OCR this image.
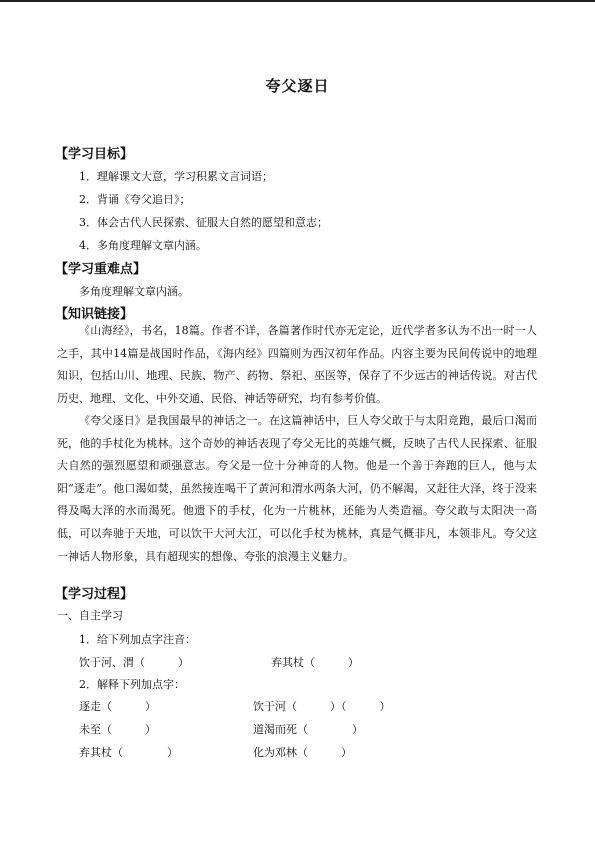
夸父逐日
【学习目标】
1．理解课文大意，学习积累文言词语；
2．背诵《夸父追日》；
3．体会古代人民探索、征服大自然的愿望和意志；
4．多角度理解文章内涵。
【学习重难点】
多角度理解文章内涵。
【知识链接】

《山海经》，书名，18篇。作者不详，各篇著作时代亦无定论，近代学者多认为不出一时一人之手，其中14篇是战国时作品，《海内经》四篇则为西汉初年作品。内容主要为民间传说中的地理知识，包括山川、地理、民族、物产、药物、祭祀、巫医等，保存了不少远古的神话传说。对古代历史、地理、文化、中外交通、民俗、神话等研究，均有参考价值。

《夸父逐日》是我国最早的神话之一。在这篇神话中，巨人夸父敢于与太阳竞跑，最后口渴而死，他的手杖化为桃林。这个奇妙的神话表现了夸父无比的英雄气概，反映了古代人民探索、征服大自然的强烈愿望和顽强意志。夸父是一位十分神奇的人物。他是一个善于奔跑的巨人，他与太阳“逐走”。他口渴如焚，虽然接连喝干了黄河和渭水两条大河，仍不解渴，又赶往大泽，终于没来得及喝大泽的水而渴死。他遗下的手杖，化为一片桃林，还能为人类造福。夸父敢与太阳决一高低，可以奔驰于天地，可以饮干大河大江，可以化手杖为桃林，真是气概非凡，本领非凡。夸父这一神话人物形象，具有超现实的想像、夸张的浪漫主义魅力。

【学习过程】
一、自主学习
1．给下列加点字注音：
饮于河、渭（　　　）	弃其杖（　　　）
2．解释下列加点字：
逐走（　　　）	饮于河（　　　）（　　　）
未至（　　　）	道渴而死（　　　　）
弃其杖（　　　　）	化为邓林（　　　）
